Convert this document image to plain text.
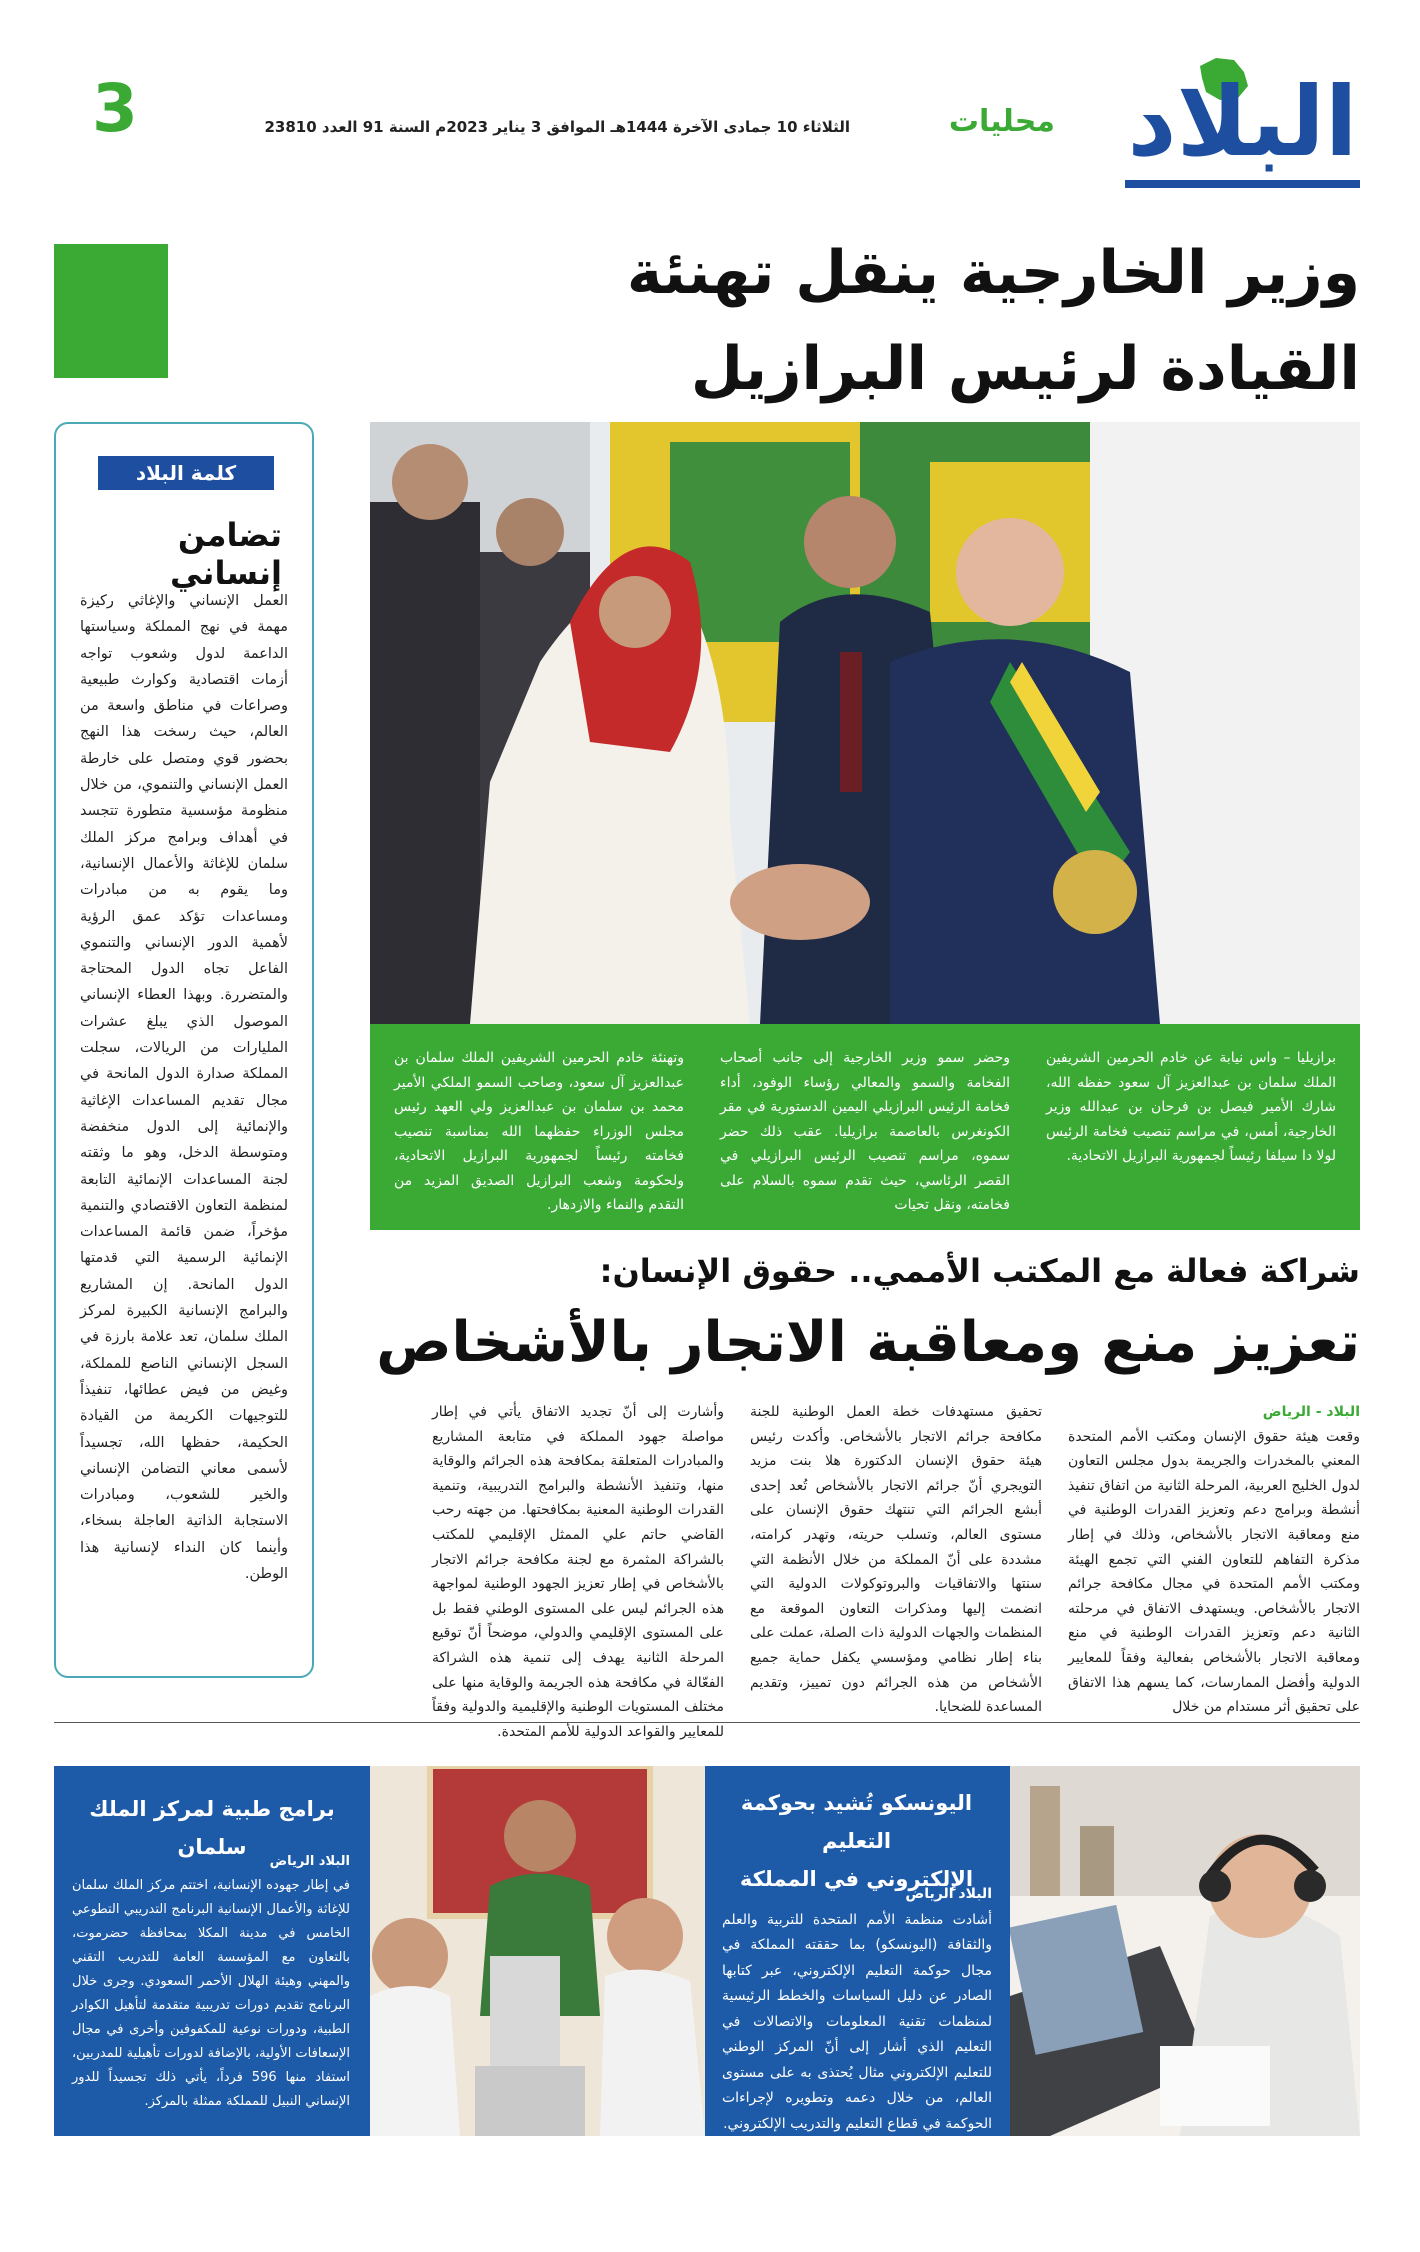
البلاد
محليات
الثلاثاء 10 جمادى الآخرة 1444هـ الموافق 3 يناير 2023م السنة 91 العدد 23810
3
وزير الخارجية ينقل تهنئة
القيادة لرئيس البرازيل
كلمة البلاد
تضامن إنساني
العمل الإنساني والإغاثي ركيزة مهمة في نهج المملكة وسياستها الداعمة لدول وشعوب تواجه أزمات اقتصادية وكوارث طبيعية وصراعات في مناطق واسعة من العالم، حيث رسخت هذا النهج بحضور قوي ومتصل على خارطة العمل الإنساني والتنموي، من خلال منظومة مؤسسية متطورة تتجسد في أهداف وبرامج مركز الملك سلمان للإغاثة والأعمال الإنسانية، وما يقوم به من مبادرات ومساعدات تؤكد عمق الرؤية لأهمية الدور الإنساني والتنموي الفاعل تجاه الدول المحتاجة والمتضررة. وبهذا العطاء الإنساني الموصول الذي يبلغ عشرات المليارات من الريالات، سجلت المملكة صدارة الدول المانحة في مجال تقديم المساعدات الإغاثية والإنمائية إلى الدول منخفضة ومتوسطة الدخل، وهو ما وثقته لجنة المساعدات الإنمائية التابعة لمنظمة التعاون الاقتصادي والتنمية مؤخراً، ضمن قائمة المساعدات الإنمائية الرسمية التي قدمتها الدول المانحة. إن المشاريع والبرامج الإنسانية الكبيرة لمركز الملك سلمان، تعد علامة بارزة في السجل الإنساني الناصع للمملكة، وغيض من فيض عطائها، تنفيذاً للتوجيهات الكريمة من القيادة الحكيمة، حفظها الله، تجسيداً لأسمى معاني التضامن الإنساني والخير للشعوب، ومبادرات الاستجابة الذاتية العاجلة بسخاء، وأينما كان النداء لإنسانية هذا الوطن.
برازيليا – واس نيابة عن خادم الحرمين الشريفين الملك سلمان بن عبدالعزيز آل سعود حفظه الله، شارك الأمير فيصل بن فرحان بن عبدالله وزير الخارجية، أمس، في مراسم تنصيب فخامة الرئيس لولا دا سيلفا رئيساً لجمهورية البرازيل الاتحادية.
وحضر سمو وزير الخارجية إلى جانب أصحاب الفخامة والسمو والمعالي رؤساء الوفود، أداء فخامة الرئيس البرازيلي اليمين الدستورية في مقر الكونغرس بالعاصمة برازيليا. عقب ذلك حضر سموه، مراسم تنصيب الرئيس البرازيلي في القصر الرئاسي، حيث تقدم سموه بالسلام على فخامته، ونقل تحيات
وتهنئة خادم الحرمين الشريفين الملك سلمان بن عبدالعزيز آل سعود، وصاحب السمو الملكي الأمير محمد بن سلمان بن عبدالعزيز ولي العهد رئيس مجلس الوزراء حفظهما الله بمناسبة تنصيب فخامته رئيساً لجمهورية البرازيل الاتحادية، ولحكومة وشعب البرازيل الصديق المزيد من التقدم والنماء والازدهار.
شراكة فعالة مع المكتب الأممي.. حقوق الإنسان:
تعزيز منع ومعاقبة الاتجار بالأشخاص
البلاد - الرياض
وقعت هيئة حقوق الإنسان ومكتب الأمم المتحدة المعني بالمخدرات والجريمة بدول مجلس التعاون لدول الخليج العربية، المرحلة الثانية من اتفاق تنفيذ أنشطة وبرامج دعم وتعزيز القدرات الوطنية في منع ومعاقبة الاتجار بالأشخاص، وذلك في إطار مذكرة التفاهم للتعاون الفني التي تجمع الهيئة ومكتب الأمم المتحدة في مجال مكافحة جرائم الاتجار بالأشخاص. ويستهدف الاتفاق في مرحلته الثانية دعم وتعزيز القدرات الوطنية في منع ومعاقبة الاتجار بالأشخاص بفعالية وفقاً للمعايير الدولية وأفضل الممارسات، كما يسهم هذا الاتفاق على تحقيق أثر مستدام من خلال
تحقيق مستهدفات خطة العمل الوطنية للجنة مكافحة جرائم الاتجار بالأشخاص. وأكدت رئيس هيئة حقوق الإنسان الدكتورة هلا بنت مزيد التويجري أنّ جرائم الاتجار بالأشخاص تُعد إحدى أبشع الجرائم التي تنتهك حقوق الإنسان على مستوى العالم، وتسلب حريته، وتهدر كرامته، مشددة على أنّ المملكة من خلال الأنظمة التي سنتها والاتفاقيات والبروتوكولات الدولية التي انضمت إليها ومذكرات التعاون الموقعة مع المنظمات والجهات الدولية ذات الصلة، عملت على بناء إطار نظامي ومؤسسي يكفل حماية جميع الأشخاص من هذه الجرائم دون تمييز، وتقديم المساعدة للضحايا.
وأشارت إلى أنّ تجديد الاتفاق يأتي في إطار مواصلة جهود المملكة في متابعة المشاريع والمبادرات المتعلقة بمكافحة هذه الجرائم والوقاية منها، وتنفيذ الأنشطة والبرامج التدريبية، وتنمية القدرات الوطنية المعنية بمكافحتها. من جهته رحب القاضي حاتم علي الممثل الإقليمي للمكتب بالشراكة المثمرة مع لجنة مكافحة جرائم الاتجار بالأشخاص في إطار تعزيز الجهود الوطنية لمواجهة هذه الجرائم ليس على المستوى الوطني فقط بل على المستوى الإقليمي والدولي، موضحاً أنّ توقيع المرحلة الثانية يهدف إلى تنمية هذه الشراكة الفعّالة في مكافحة هذه الجريمة والوقاية منها على مختلف المستويات الوطنية والإقليمية والدولية وفقاً للمعايير والقواعد الدولية للأمم المتحدة.
اليونسكو تُشيد بحوكمة التعليم
الإلكتروني في المملكة
البلاد الرياض
أشادت منظمة الأمم المتحدة للتربية والعلم والثقافة (اليونسكو) بما حققته المملكة في مجال حوكمة التعليم الإلكتروني، عبر كتابها الصادر عن دليل السياسات والخطط الرئيسية لمنظمات تقنية المعلومات والاتصالات في التعليم الذي أشار إلى أنّ المركز الوطني للتعليم الإلكتروني مثال يُحتذى به على مستوى العالم، من خلال دعمه وتطويره لإجراءات الحوكمة في قطاع التعليم والتدريب الإلكتروني.
برامج طبية لمركز الملك سلمان
البلاد الرياض
في إطار جهوده الإنسانية، اختتم مركز الملك سلمان للإغاثة والأعمال الإنسانية البرنامج التدريبي التطوعي الخامس في مدينة المكلا بمحافظة حضرموت، بالتعاون مع المؤسسة العامة للتدريب التقني والمهني وهيئة الهلال الأحمر السعودي. وجرى خلال البرنامج تقديم دورات تدريبية متقدمة لتأهيل الكوادر الطبية، ودورات نوعية للمكفوفين وأخرى في مجال الإسعافات الأولية، بالإضافة لدورات تأهيلية للمدربين، استفاد منها 596 فرداً، يأتي ذلك تجسيداً للدور الإنساني النبيل للمملكة ممثلة بالمركز.
